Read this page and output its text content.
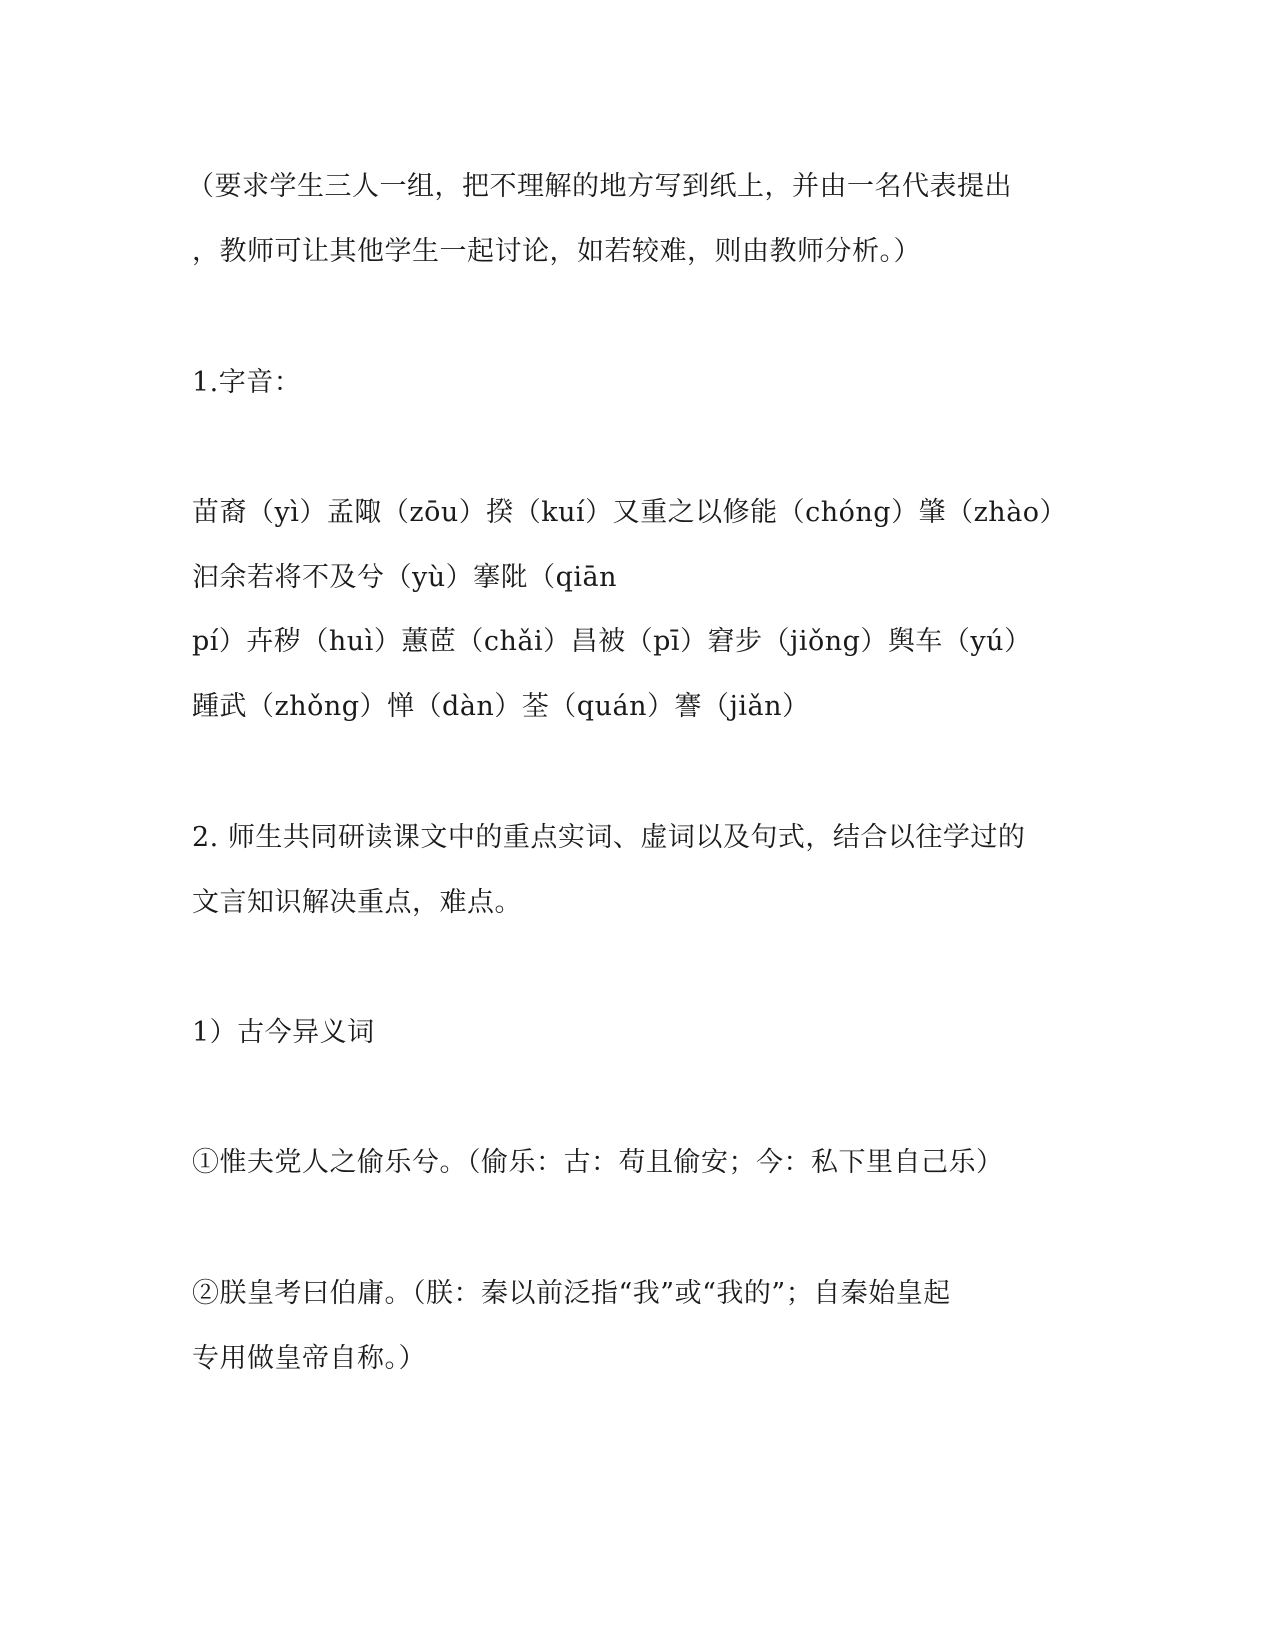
（要求学生三人一组，把不理解的地方写到纸上，并由一名代表提出
，教师可让其他学生一起讨论，如若较难，则由教师分析。）
1.字音：
苗裔（yì）孟陬（zōu）揆（kuí）又重之以修能（chóng）肇（zhào）
汩余若将不及兮（yù）搴阰（qiān
pí）卉秽（huì）蕙茝（chǎi）昌被（pī）窘步（jiǒng）舆车（yú）
踵武（zhǒng）惮（dàn）荃（quán）謇（jiǎn）
2. 师生共同研读课文中的重点实词、虚词以及句式，结合以往学过的
文言知识解决重点，难点。
1）古今异义词
①惟夫党人之偷乐兮。（偷乐：古：苟且偷安；今：私下里自己乐）
②朕皇考曰伯庸。（朕：秦以前泛指“我”或“我的”；自秦始皇起
专用做皇帝自称。）
